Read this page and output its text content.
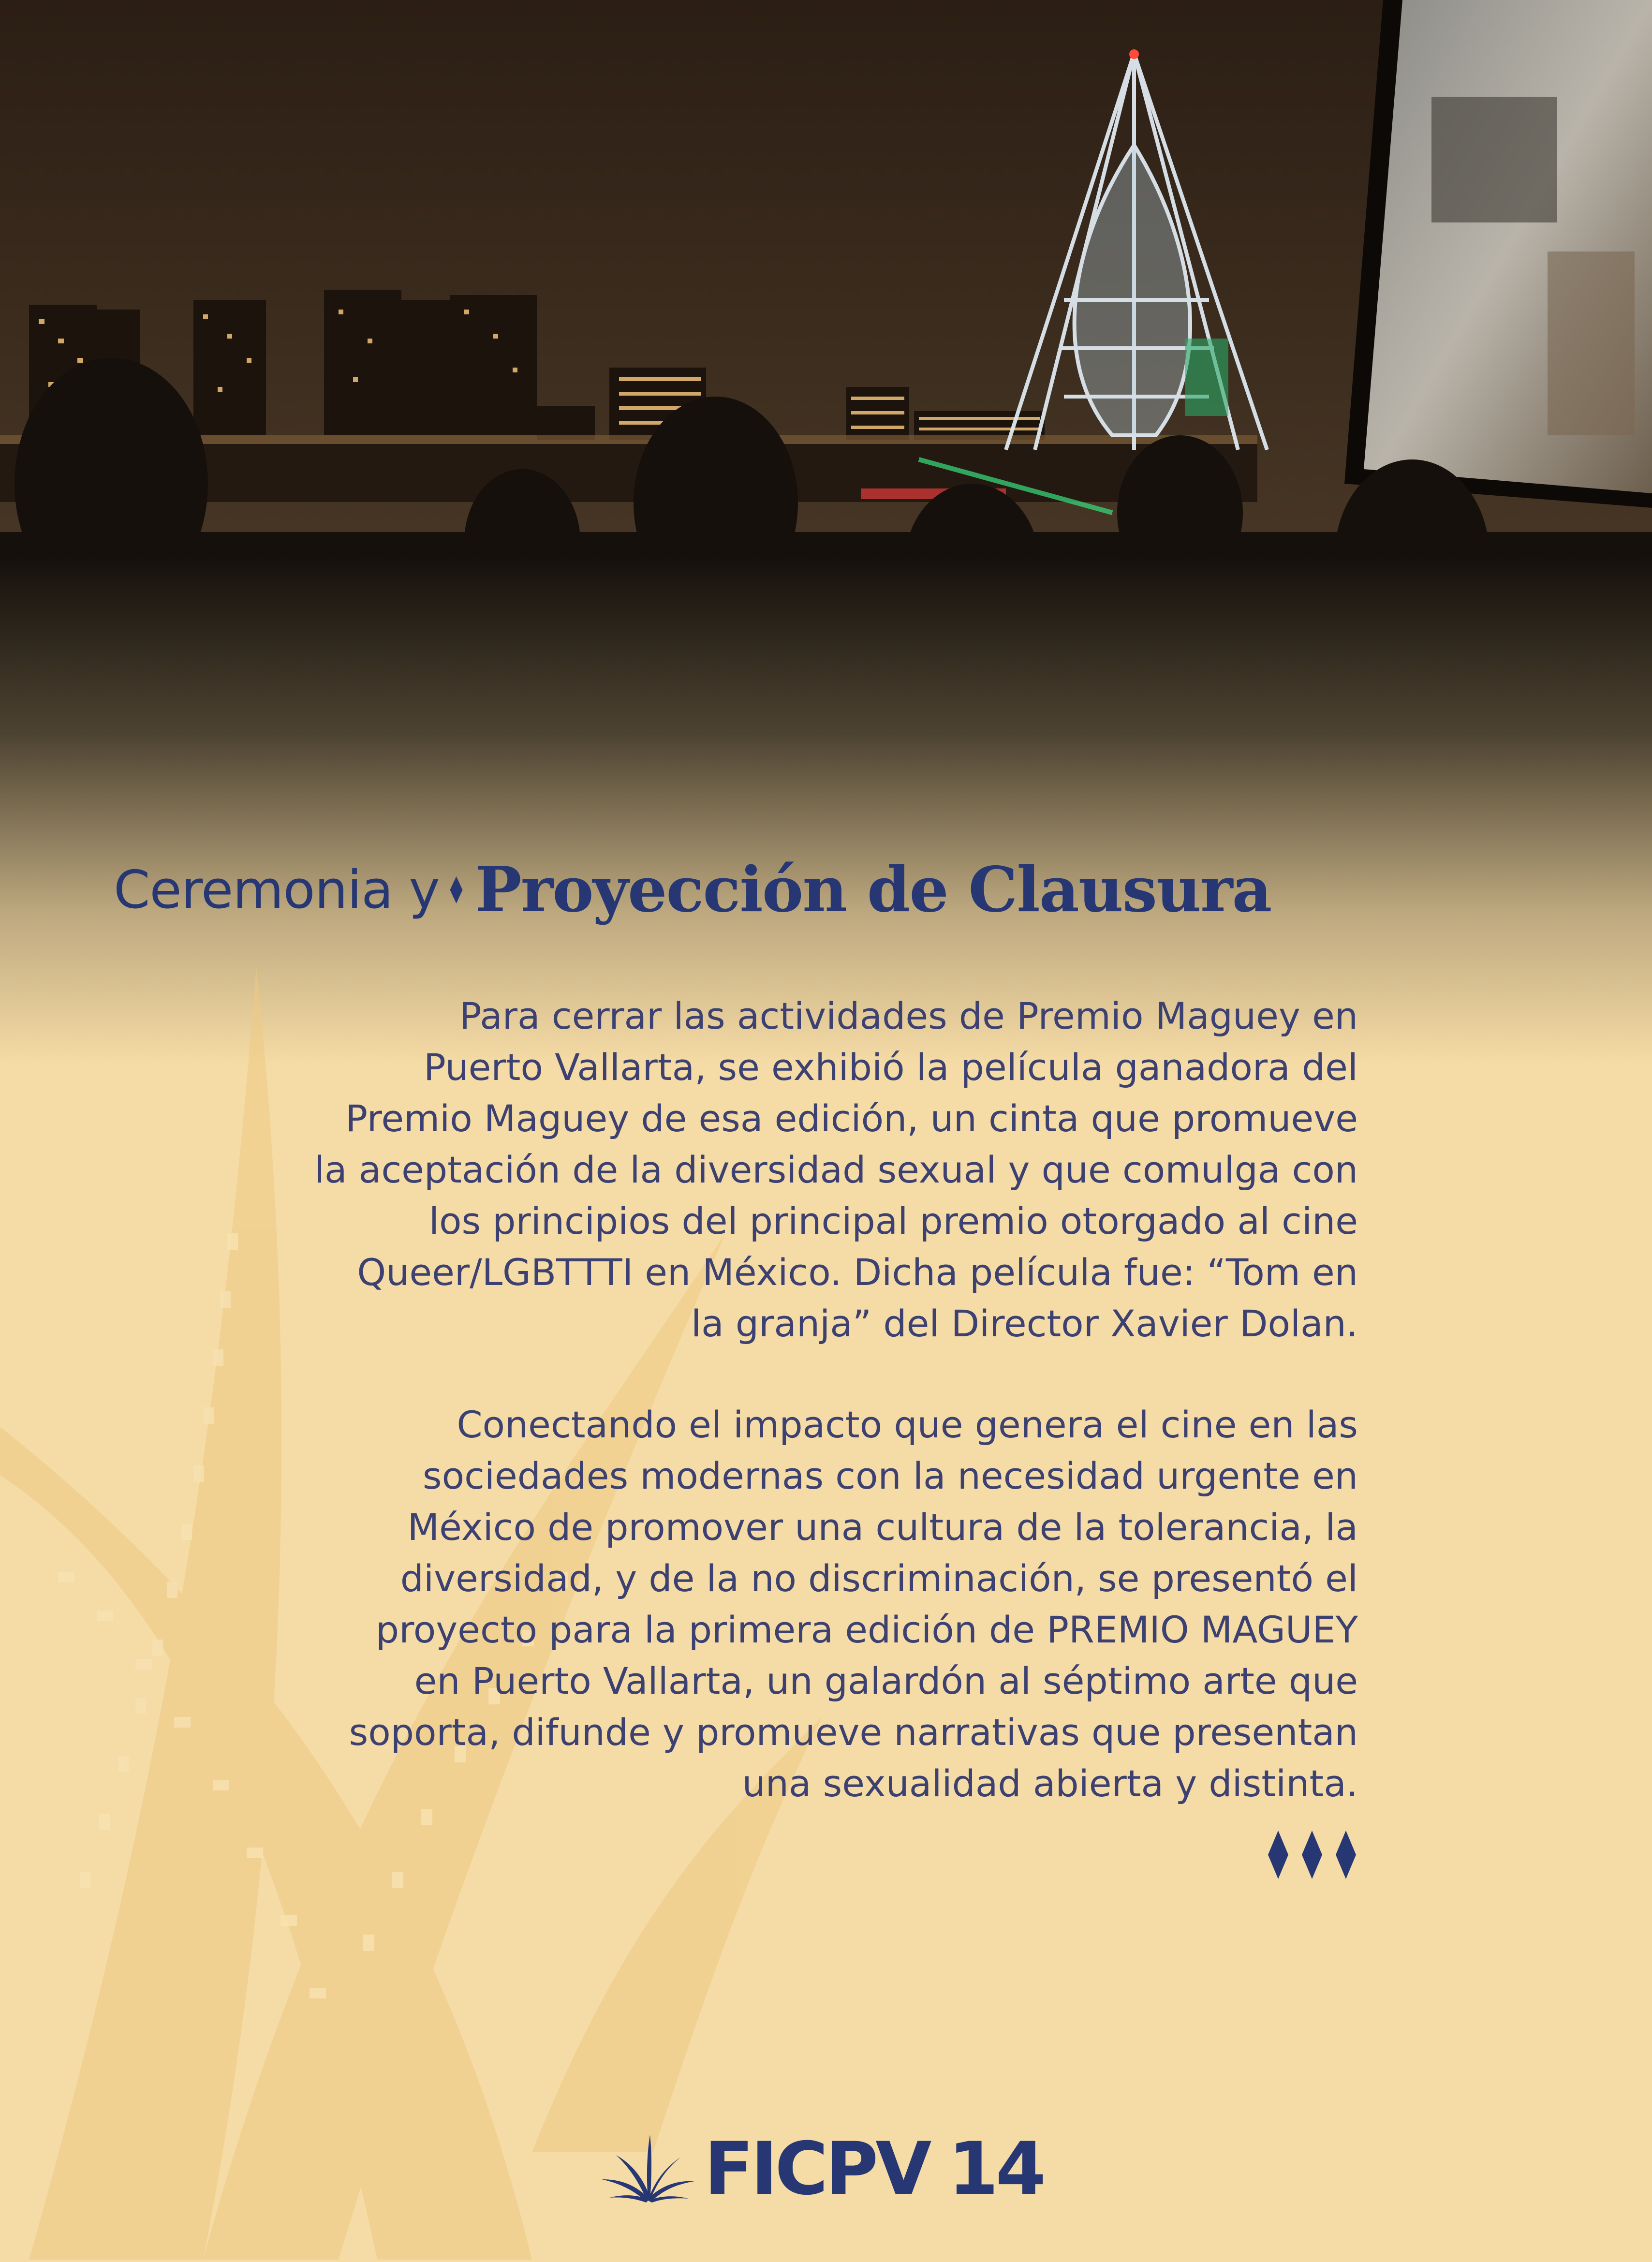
Ceremonia y Proyección de Clausura
Para cerrar las actividades de Premio Maguey en
Puerto Vallarta, se exhibió la película ganadora del
Premio Maguey de esa edición, un cinta que promueve
la aceptación de la diversidad sexual y que comulga con
los principios del principal premio otorgado al cine
Queer/LGBTTTI en México. Dicha película fue: “Tom en
la granja” del Director Xavier Dolan.
Conectando el impacto que genera el cine en las
sociedades modernas con la necesidad urgente en
México de promover una cultura de la tolerancia, la
diversidad, y de la no discriminación, se presentó el
proyecto para la primera edición de PREMIO MAGUEY
en Puerto Vallarta, un galardón al séptimo arte que
soporta, difunde y promueve narrativas que presentan
una sexualidad abierta y distinta.
FICPV 14
